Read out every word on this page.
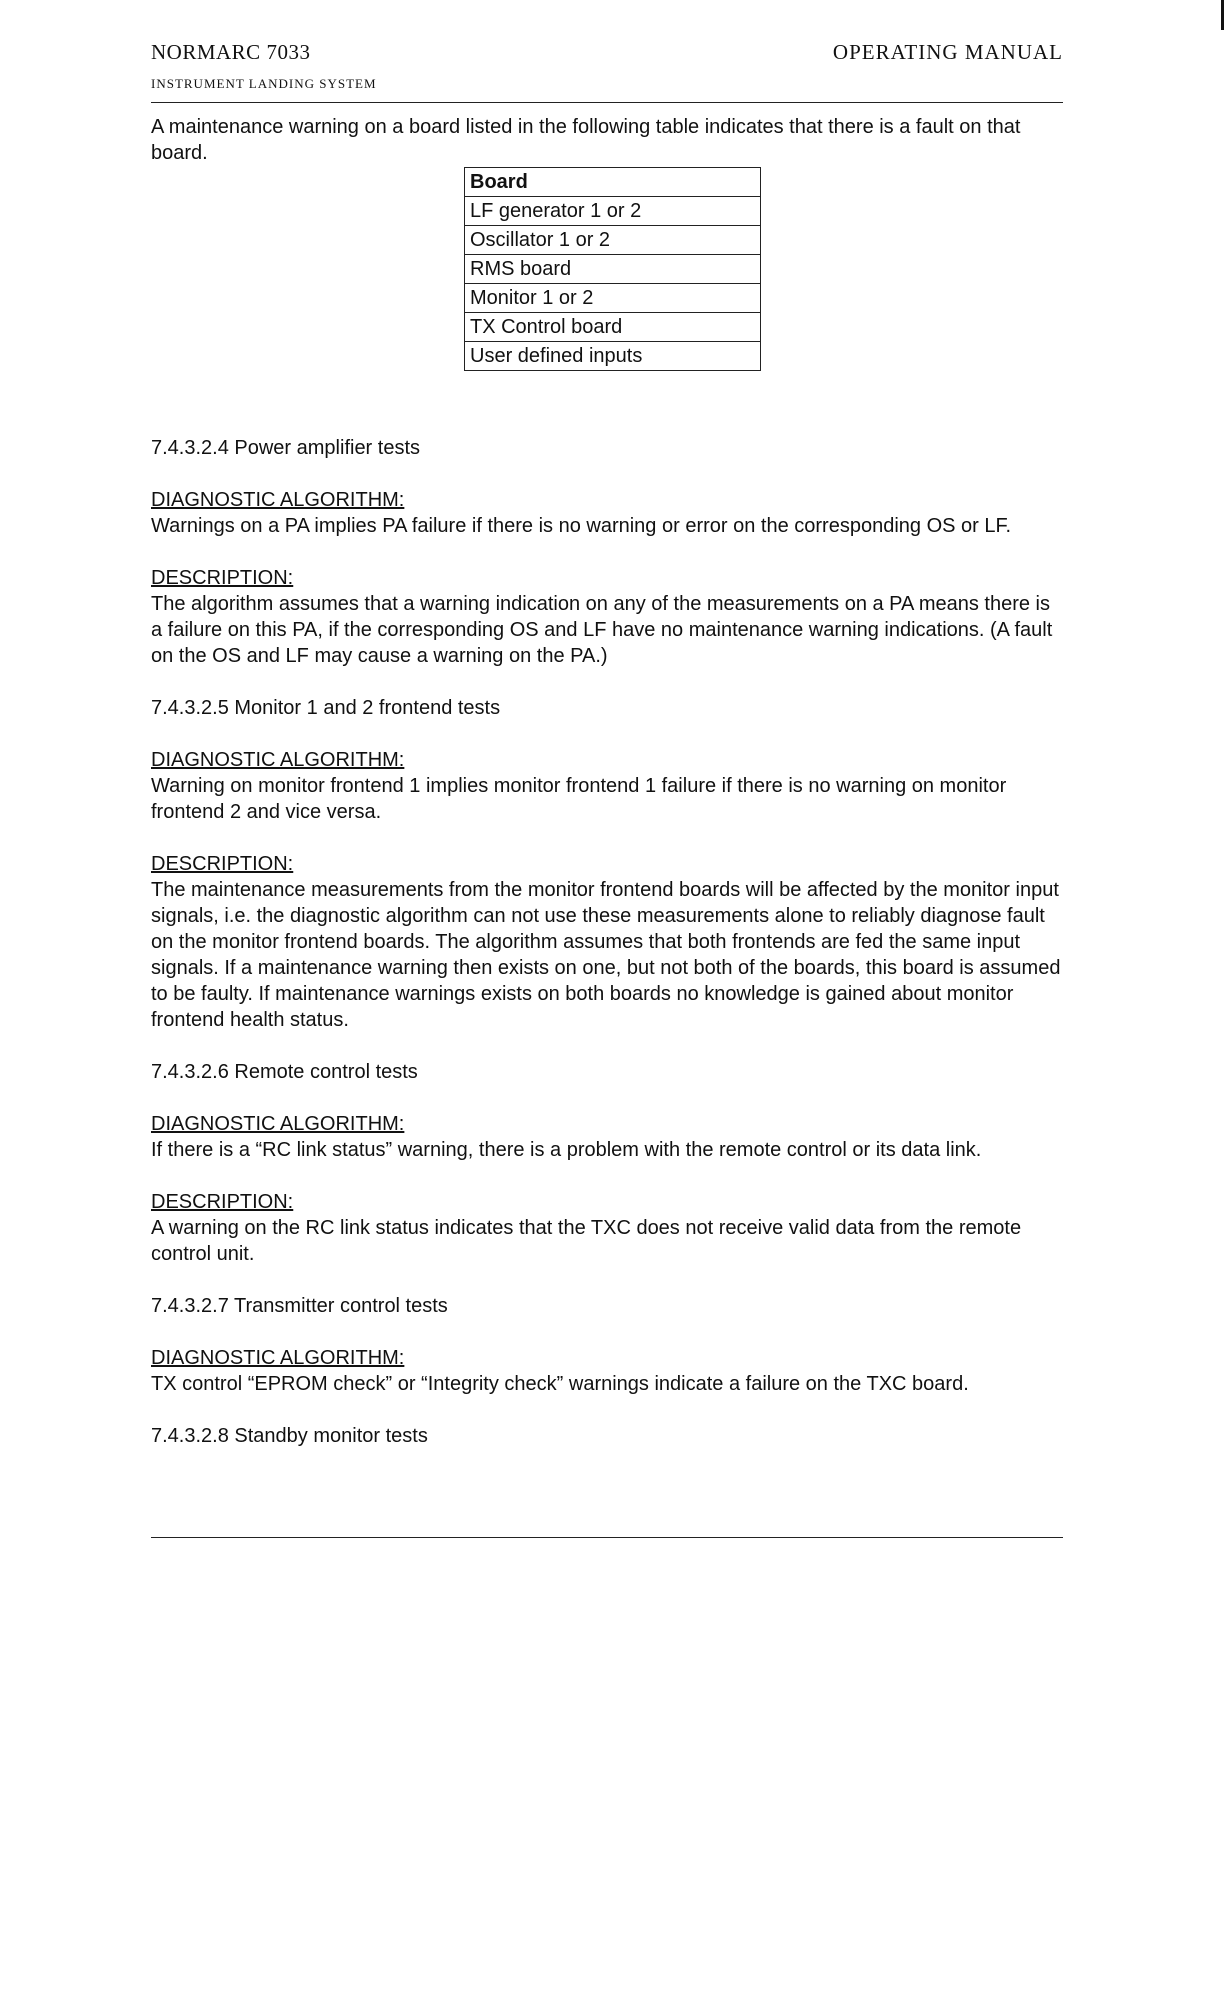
NORMARC 7033
INSTRUMENT LANDING SYSTEM
OPERATING MANUAL
A maintenance warning on a board listed in the following table indicates that there is a fault on that board.
Board
LF generator 1 or 2
Oscillator 1 or 2
RMS board
Monitor 1 or 2
TX Control board
User defined inputs

7.4.3.2.4 Power amplifier tests

DIAGNOSTIC ALGORITHM:

Warnings on a PA implies PA failure if there is no warning or error on the corresponding OS or LF.

DESCRIPTION:

The algorithm assumes that a warning indication on any of the measurements on a PA means there is a failure on this PA, if the corresponding OS and LF have no maintenance warning indications. (A fault on the OS and LF may cause a warning on the PA.)

7.4.3.2.5 Monitor 1 and 2 frontend tests

DIAGNOSTIC ALGORITHM:

Warning on monitor frontend 1 implies monitor frontend 1 failure if there is no warning on monitor frontend 2 and vice versa.

DESCRIPTION:

The maintenance measurements from the monitor frontend boards will be affected by the monitor input signals, i.e. the diagnostic algorithm can not use these measurements alone to reliably diagnose fault on the monitor frontend boards. The algorithm assumes that both frontends are fed the same input signals. If a maintenance warning then exists on one, but not both of the boards, this board is assumed to be faulty. If maintenance warnings exists on both boards no knowledge is gained about monitor frontend health status.

7.4.3.2.6 Remote control tests

DIAGNOSTIC ALGORITHM:

If there is a “RC link status” warning, there is a problem with the remote control or its data link.

DESCRIPTION:

A warning on the RC link status indicates that the TXC does not receive valid data from the remote control unit.

7.4.3.2.7 Transmitter control tests

DIAGNOSTIC ALGORITHM:

TX control “EPROM check” or “Integrity check” warnings indicate a failure on the TXC board.

7.4.3.2.8 Standby monitor tests
